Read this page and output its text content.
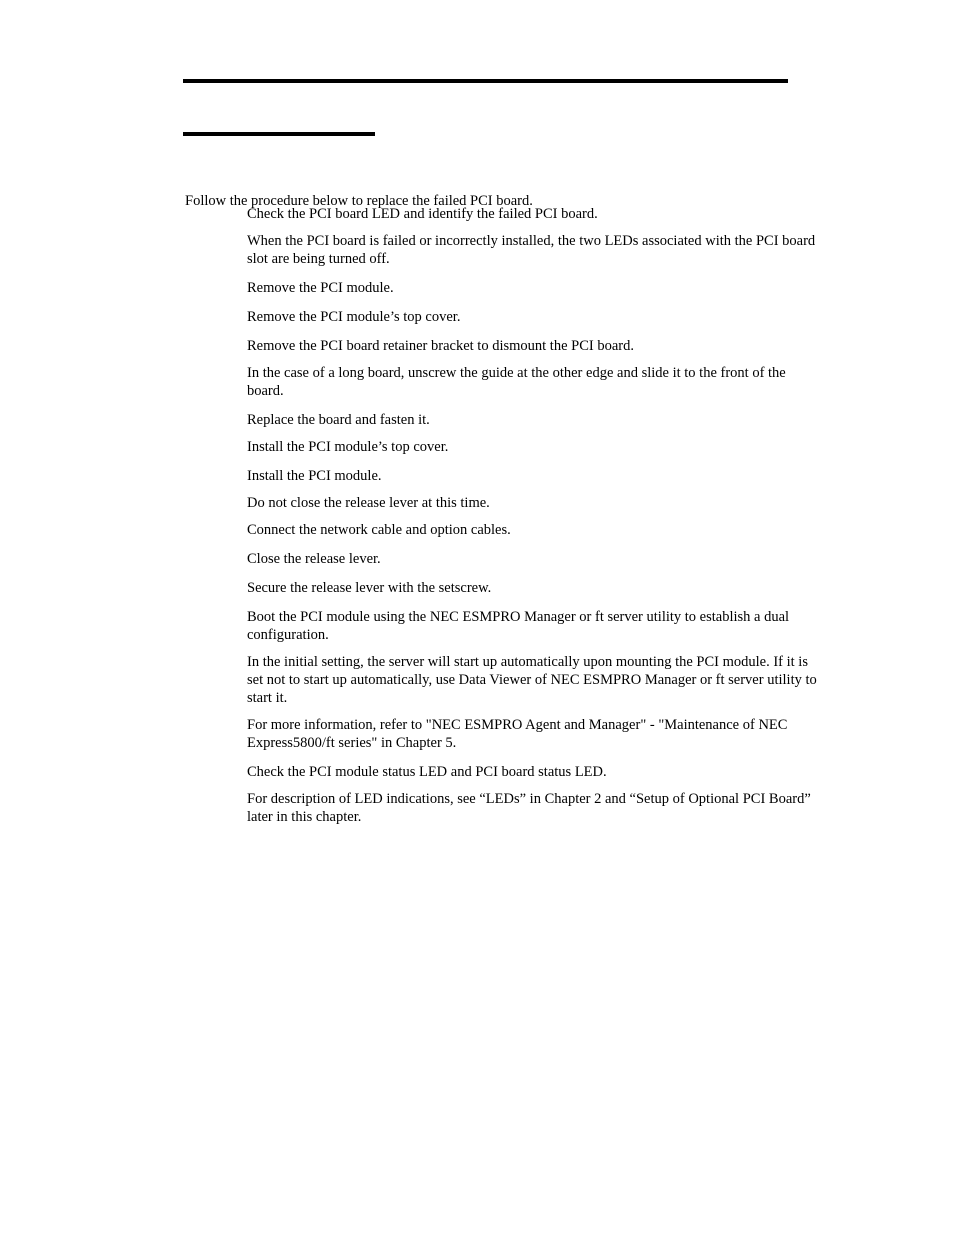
Follow the procedure below to replace the failed PCI board.

Check the PCI board LED and identify the failed PCI board.

When the PCI board is failed or incorrectly installed, the two LEDs associated with the PCI board slot are being turned off.

Remove the PCI module.

Remove the PCI module’s top cover.

Remove the PCI board retainer bracket to dismount the PCI board.

In the case of a long board, unscrew the guide at the other edge and slide it to the front of the board.

Replace the board and fasten it.

Install the PCI module’s top cover.

Install the PCI module.

Do not close the release lever at this time.

Connect the network cable and option cables.

Close the release lever.

Secure the release lever with the setscrew.

Boot the PCI module using the NEC ESMPRO Manager or ft server utility to establish a dual configuration.

In the initial setting, the server will start up automatically upon mounting the PCI module. If it is set not to start up automatically, use Data Viewer of NEC ESMPRO Manager or ft server utility to start it.

For more information, refer to "NEC ESMPRO Agent and Manager" - "Maintenance of NEC Express5800/ft series" in Chapter 5.

Check the PCI module status LED and PCI board status LED.

For description of LED indications, see “LEDs” in Chapter 2 and “Setup of Optional PCI Board” later in this chapter.
